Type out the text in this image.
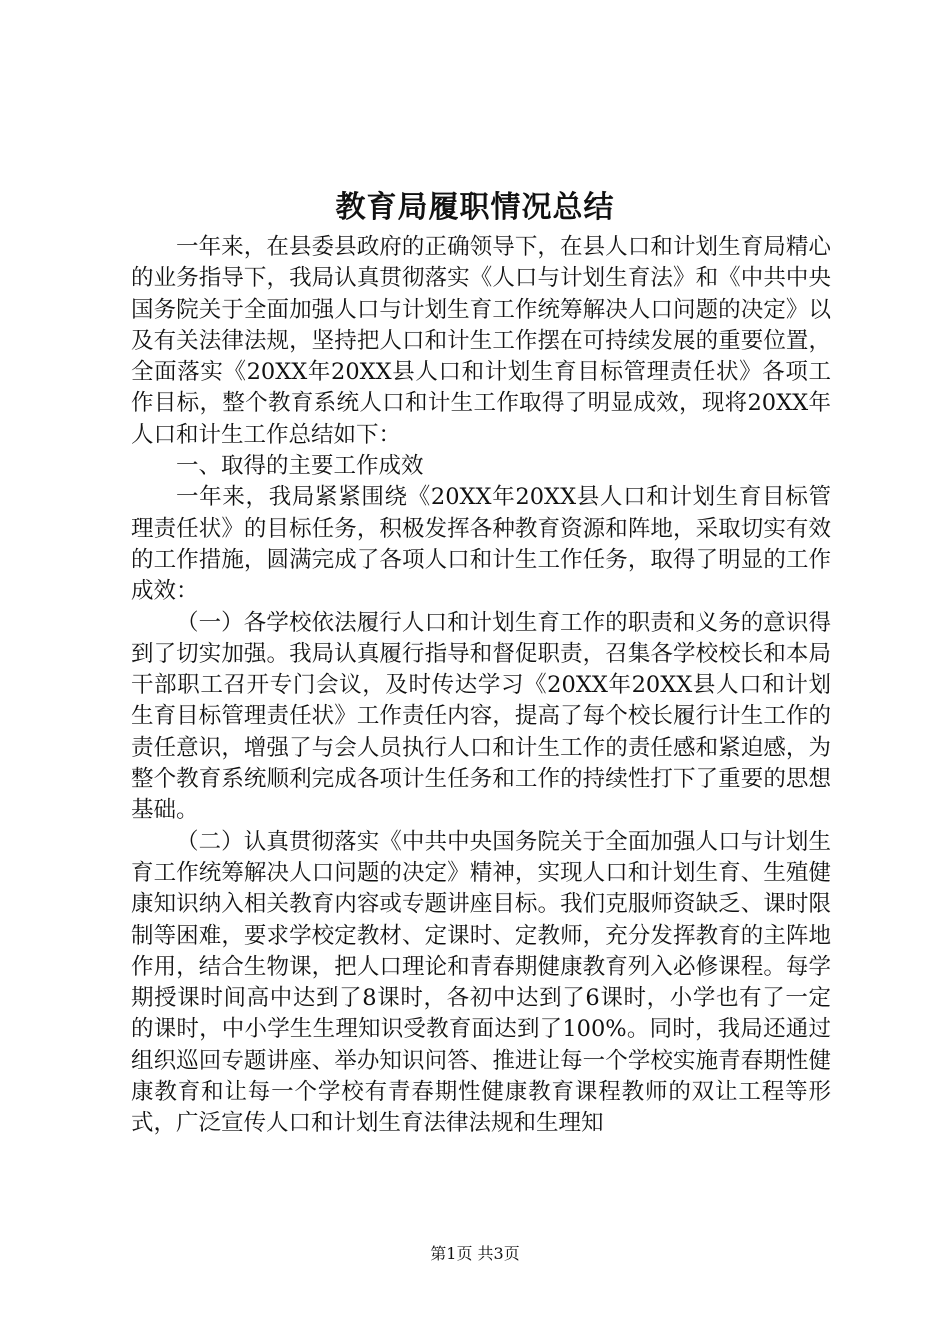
教育局履职情况总结

一年来，在县委县政府的正确领导下，在县人口和计划生育局精心的业务指导下，我局认真贯彻落实《人口与计划生育法》和《中共中央国务院关于全面加强人口与计划生育工作统筹解决人口问题的决定》以及有关法律法规，坚持把人口和计生工作摆在可持续发展的重要位置，全面落实《20XX年20XX县人口和计划生育目标管理责任状》各项工作目标，整个教育系统人口和计生工作取得了明显成效，现将20XX年人口和计生工作总结如下：

一、取得的主要工作成效

一年来，我局紧紧围绕《20XX年20XX县人口和计划生育目标管理责任状》的目标任务，积极发挥各种教育资源和阵地，采取切实有效的工作措施，圆满完成了各项人口和计生工作任务，取得了明显的工作成效：

（一）各学校依法履行人口和计划生育工作的职责和义务的意识得到了切实加强。我局认真履行指导和督促职责，召集各学校校长和本局干部职工召开专门会议，及时传达学习《20XX年20XX县人口和计划生育目标管理责任状》工作责任内容，提高了每个校长履行计生工作的责任意识，增强了与会人员执行人口和计生工作的责任感和紧迫感，为整个教育系统顺利完成各项计生任务和工作的持续性打下了重要的思想基础。

（二）认真贯彻落实《中共中央国务院关于全面加强人口与计划生育工作统筹解决人口问题的决定》精神，实现人口和计划生育、生殖健康知识纳入相关教育内容或专题讲座目标。我们克服师资缺乏、课时限制等困难，要求学校定教材、定课时、定教师，充分发挥教育的主阵地作用，结合生物课，把人口理论和青春期健康教育列入必修课程。每学期授课时间高中达到了8课时，各初中达到了6课时，小学也有了一定的课时，中小学生生理知识受教育面达到了100%。同时，我局还通过组织巡回专题讲座、举办知识问答、推进让每一个学校实施青春期性健康教育和让每一个学校有青春期性健康教育课程教师的双让工程等形式，广泛宣传人口和计划生育法律法规和生理知

第1页 共3页
